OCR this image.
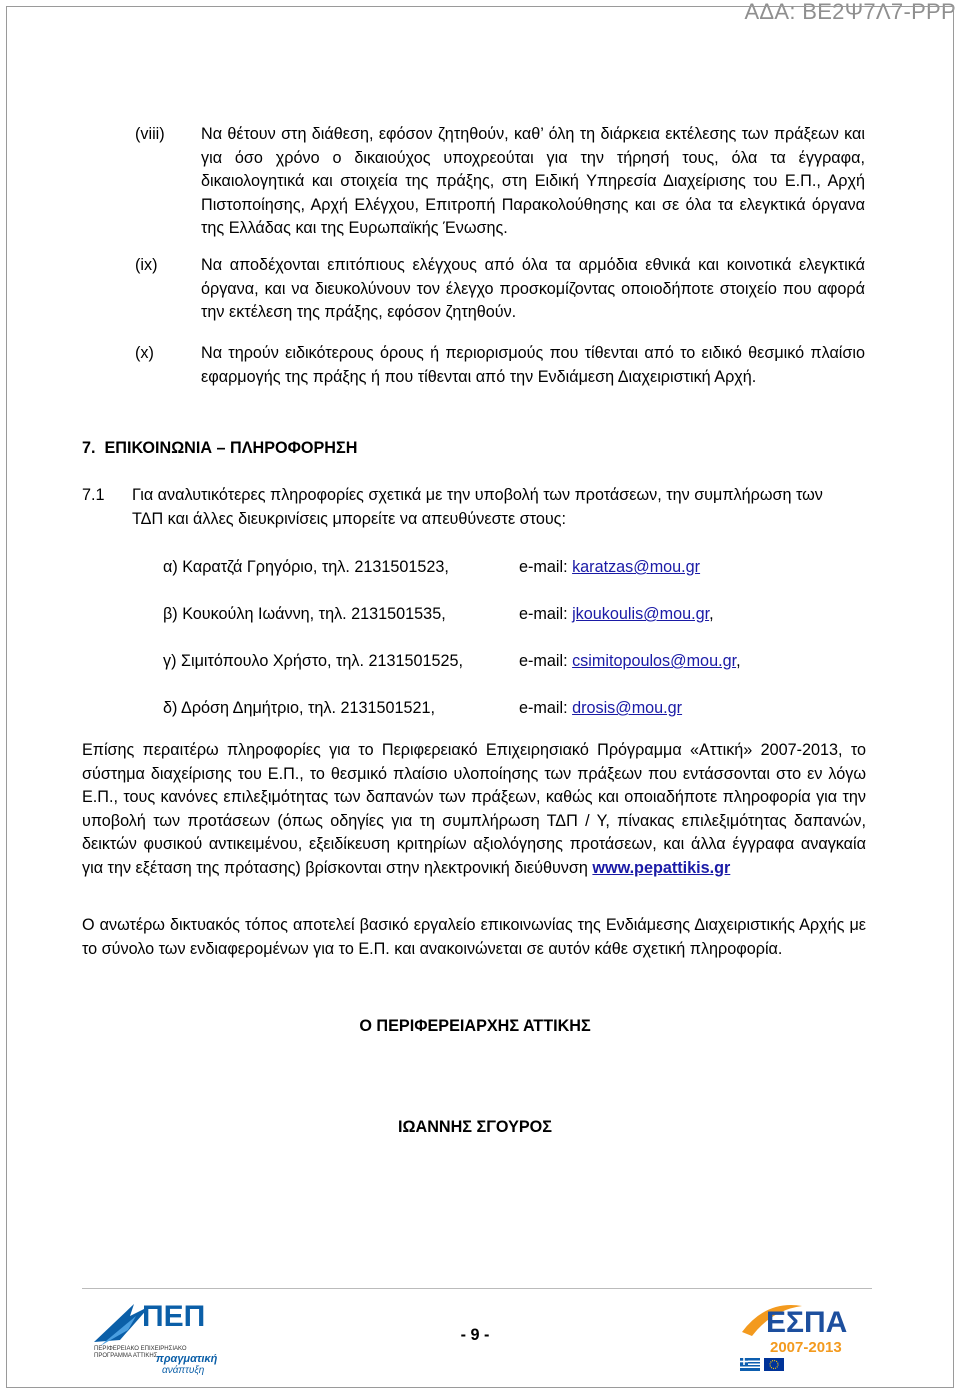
ΑΔΑ: ΒΕ2Ψ7Λ7-ΡΡΡ
(viii)	Να θέτουν στη διάθεση, εφόσον ζητηθούν, καθ’ όλη τη διάρκεια εκτέλεσης των πράξεων και για όσο χρόνο ο δικαιούχος υποχρεούται για την τήρησή τους, όλα τα έγγραφα, δικαιολογητικά και στοιχεία της πράξης, στη Ειδική Υπηρεσία Διαχείρισης του Ε.Π., Αρχή Πιστοποίησης, Αρχή Ελέγχου, Επιτροπή Παρακολούθησης και σε όλα τα ελεγκτικά όργανα της Ελλάδας και της Ευρωπαϊκής Ένωσης.
(ix)	Να αποδέχονται επιτόπιους ελέγχους από όλα τα αρμόδια εθνικά και κοινοτικά ελεγκτικά όργανα, και να διευκολύνουν τον έλεγχο προσκομίζοντας οποιοδήποτε στοιχείο που αφορά την εκτέλεση της πράξης, εφόσον ζητηθούν.
(x)	Να τηρούν ειδικότερους όρους ή περιορισμούς που τίθενται από το ειδικό θεσμικό πλαίσιο εφαρμογής της πράξης ή που τίθενται από την Ενδιάμεση Διαχειριστική Αρχή.
7.  ΕΠΙΚΟΙΝΩΝΙΑ – ΠΛΗΡΟΦΟΡΗΣΗ
7.1 Για αναλυτικότερες πληροφορίες σχετικά με την υποβολή των προτάσεων, την συμπλήρωση των ΤΔΠ και άλλες διευκρινίσεις μπορείτε να απευθύνεστε στους:
α) Καρατζά Γρηγόριο, τηλ. 2131501523,	e-mail: karatzas@mou.gr
β) Κουκούλη Ιωάννη, τηλ. 2131501535,	e-mail: jkoukoulis@mou.gr,
γ) Σιμιτόπουλο Χρήστο, τηλ. 2131501525,	e-mail: csimitopoulos@mou.gr,
δ) Δρόση Δημήτριο, τηλ. 2131501521,	e-mail: drosis@mou.gr
Επίσης περαιτέρω πληροφορίες για το Περιφερειακό Επιχειρησιακό Πρόγραμμα «Αττική» 2007-2013, το σύστημα διαχείρισης του Ε.Π., το θεσμικό πλαίσιο υλοποίησης των πράξεων που εντάσσονται στο εν λόγω Ε.Π., τους κανόνες επιλεξιμότητας των δαπανών των πράξεων, καθώς και οποιαδήποτε πληροφορία για την υποβολή των προτάσεων (όπως οδηγίες για τη συμπλήρωση ΤΔΠ / Υ, πίνακας επιλεξιμότητας δαπανών, δεικτών φυσικού αντικειμένου, εξειδίκευση κριτηρίων αξιολόγησης προτάσεων, και άλλα έγγραφα αναγκαία για την εξέταση της πρότασης) βρίσκονται στην ηλεκτρονική διεύθυνση www.pepattikis.gr
Ο ανωτέρω δικτυακός τόπος αποτελεί βασικό εργαλείο επικοινωνίας της Ενδιάμεσης Διαχειριστικής Αρχής με το σύνολο των ενδιαφερομένων για το Ε.Π. και ανακοινώνεται σε αυτόν κάθε σχετική πληροφορία.
Ο ΠΕΡΙΦΕΡΕΙΑΡΧΗΣ ΑΤΤΙΚΗΣ
ΙΩΑΝΝΗΣ ΣΓΟΥΡΟΣ
ΠΕΠ
ΠΕΡΙΦΕΡΕΙΑΚΟ ΕΠΙΧΕΙΡΗΣΙΑΚΟ
ΠΡΟΓΡΑΜΜΑ ΑΤΤΙΚΗΣ
πραγματική
ανάπτυξη
- 9 -	ΕΣΠΑ
2007-2013
